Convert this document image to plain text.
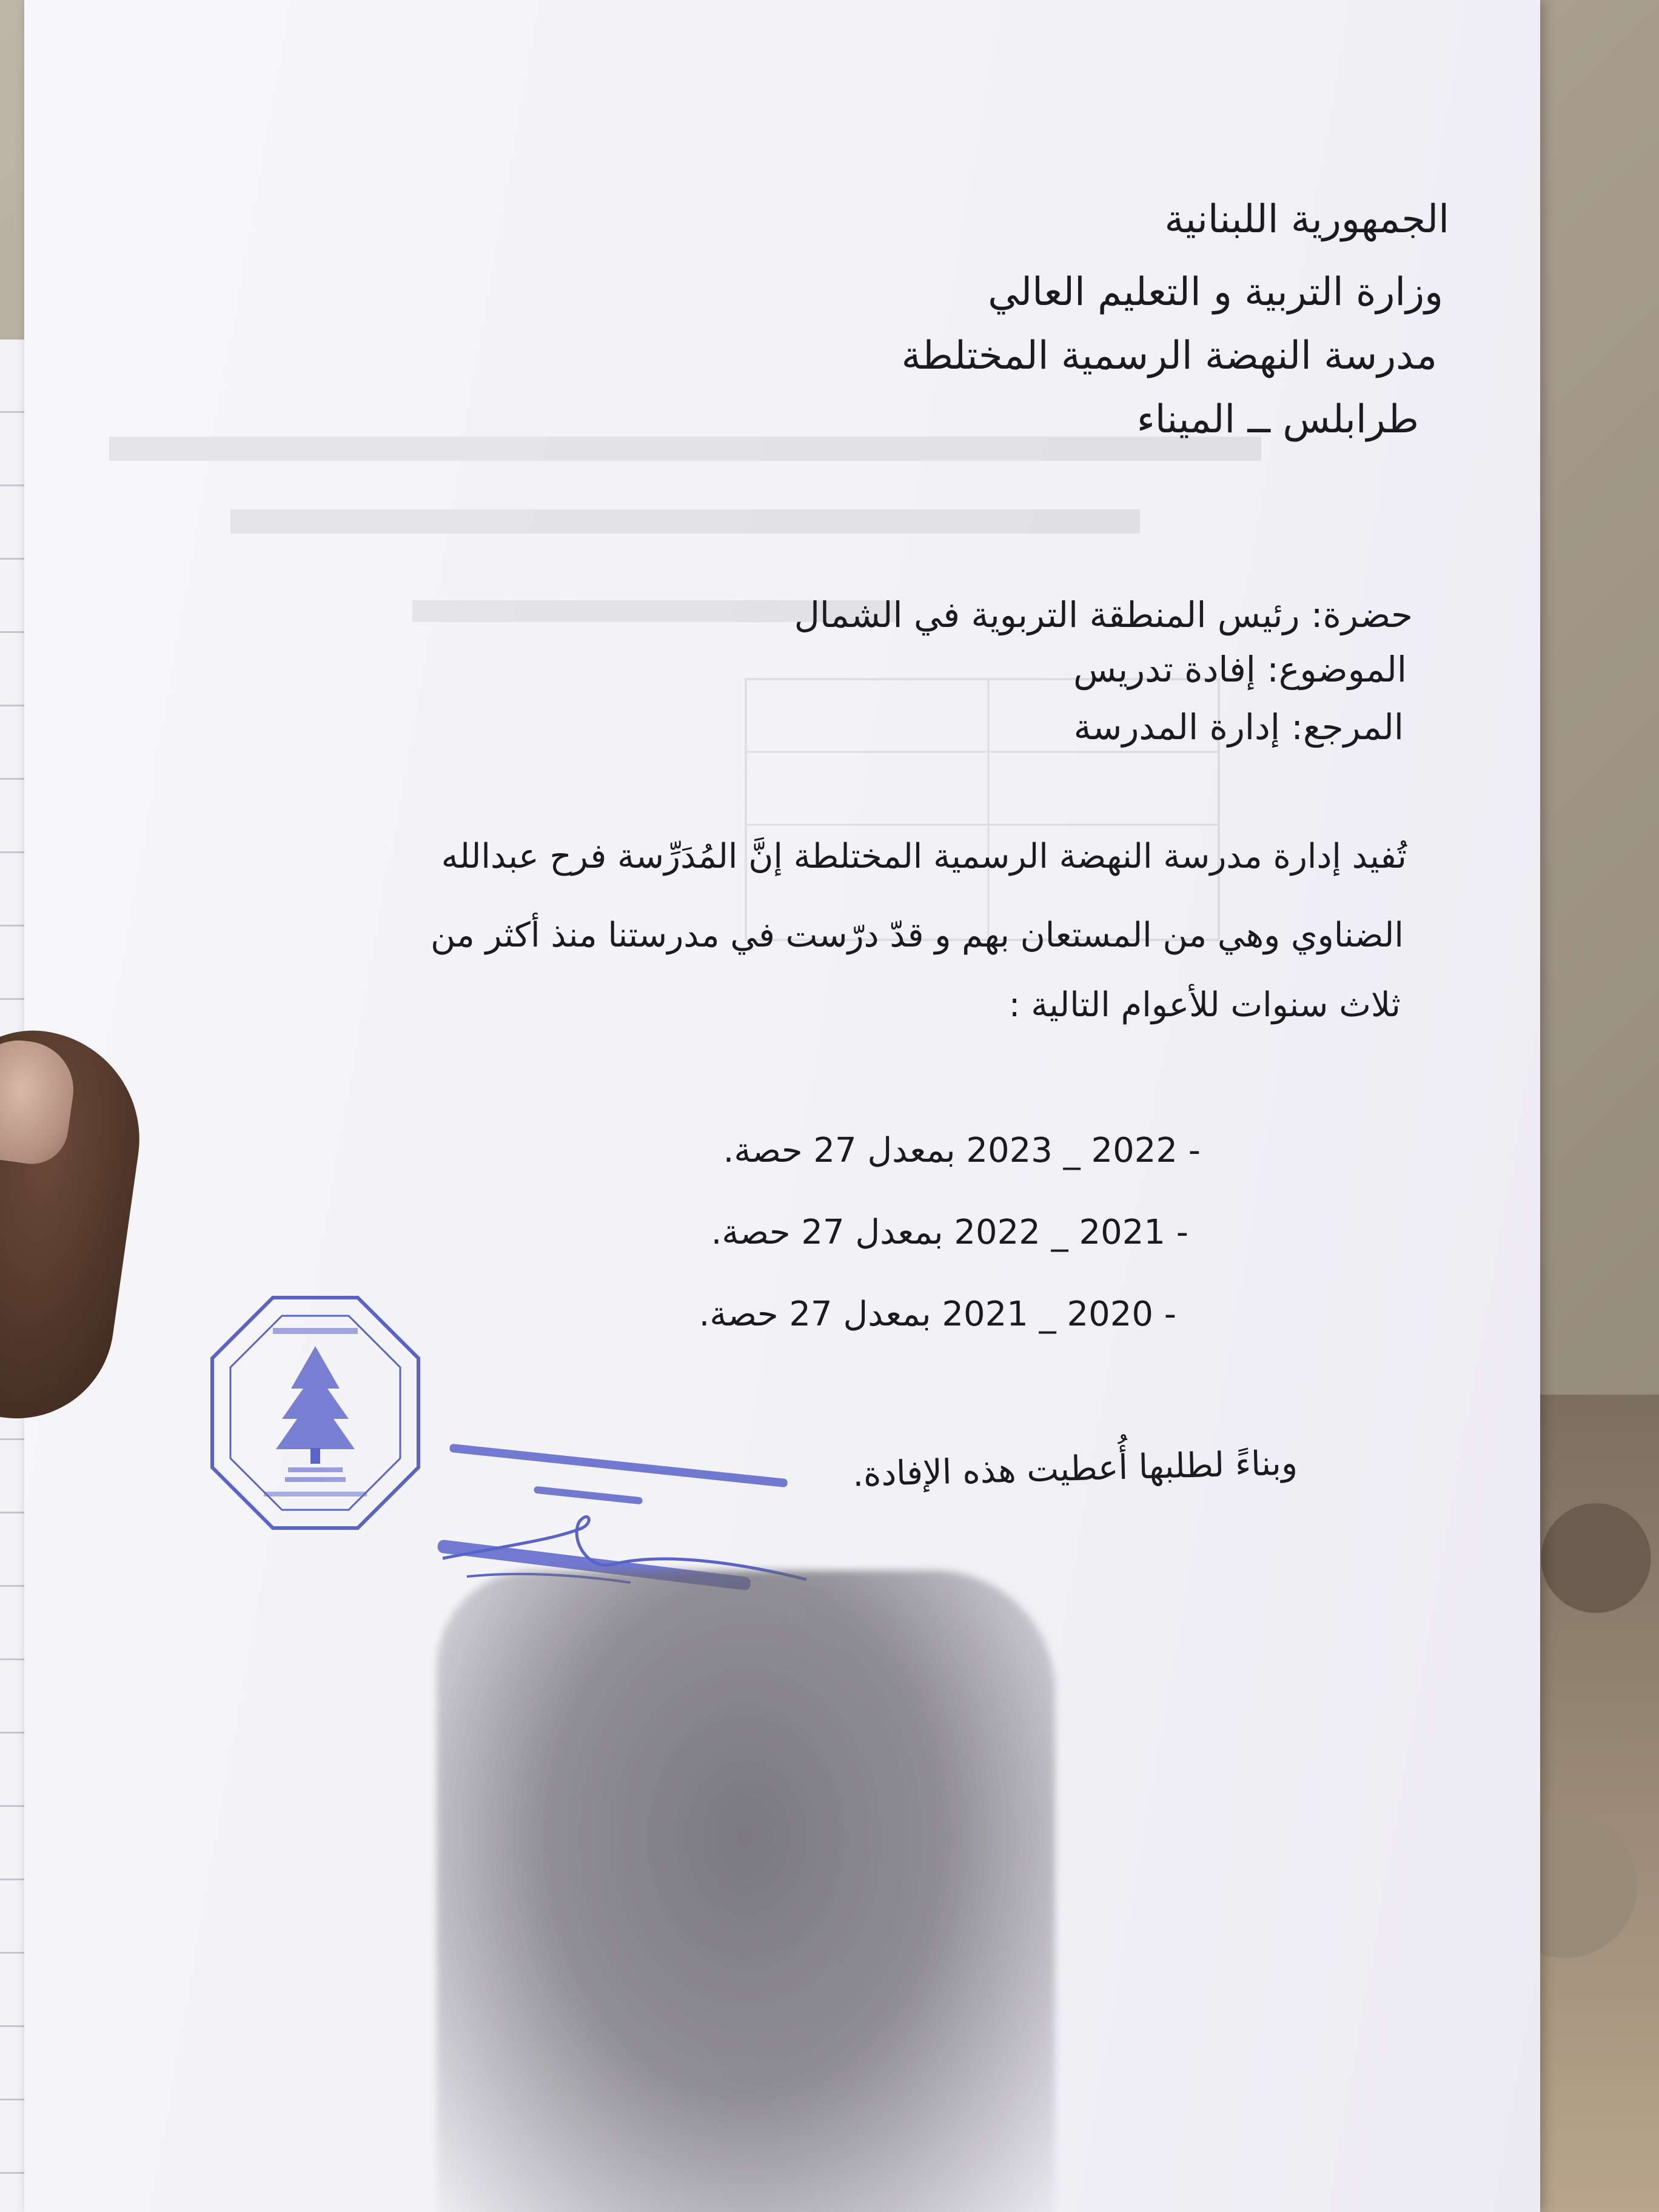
الجمهورية اللبنانية
وزارة التربية و التعليم العالي
مدرسة النهضة الرسمية المختلطة
طرابلس ــ الميناء
حضرة: رئيس المنطقة التربوية في الشمال
الموضوع: إفادة تدريس
المرجع: إدارة المدرسة
تُفيد إدارة مدرسة النهضة الرسمية المختلطة إنَّ المُدَرِّسة فرح عبدالله
الضناوي وهي من المستعان بهم و قدّ درّست في مدرستنا منذ أكثر من
ثلاث سنوات للأعوام التالية :
- 2022 _ 2023 بمعدل 27 حصة.
- 2021 _ 2022 بمعدل 27 حصة.
- 2020 _ 2021 بمعدل 27 حصة.
وبناءً لطلبها أُعطيت هذه الإفادة.
